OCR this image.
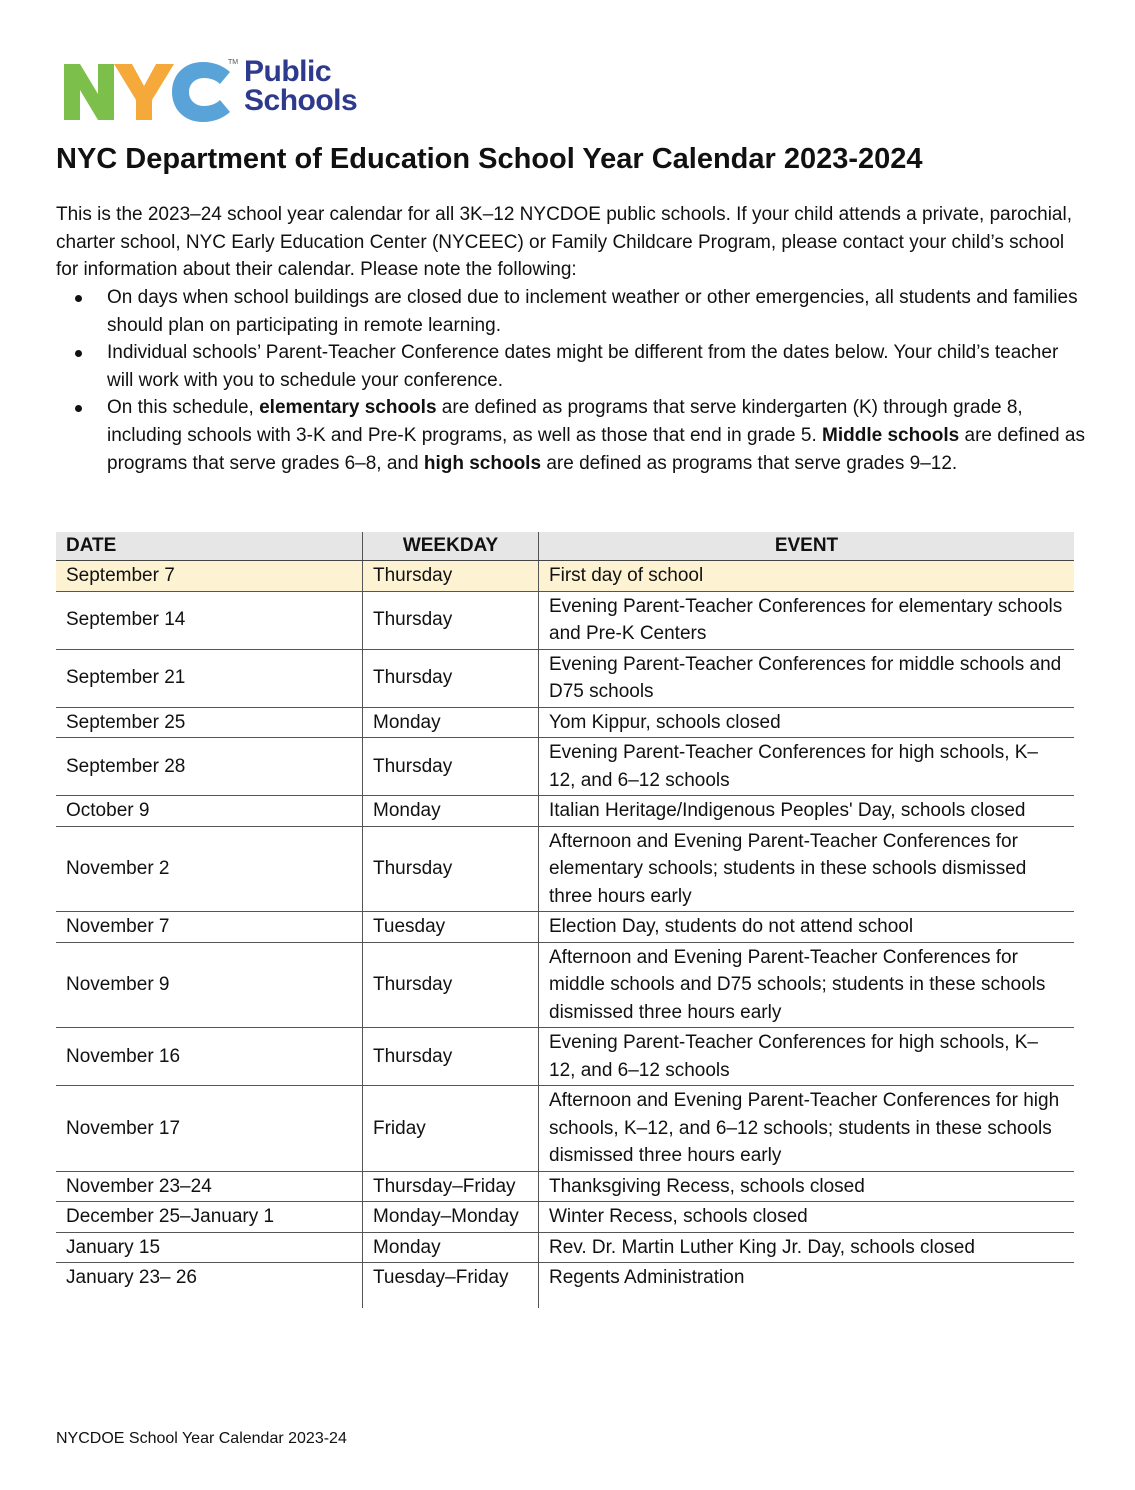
TM Public
Schools
NYC Department of Education School Year Calendar 2023-2024

This is the 2023–24 school year calendar for all 3K–12 NYCDOE public schools. If your child attends a private, parochial, charter school, NYC Early Education Center (NYCEEC) or Family Childcare Program, please contact your child’s school for information about their calendar. Please note the following:

On days when school buildings are closed due to inclement weather or other emergencies, all students and families should plan on participating in remote learning.
Individual schools’ Parent-Teacher Conference dates might be different from the dates below. Your child’s teacher will work with you to schedule your conference.
On this schedule, elementary schools are defined as programs that serve kindergarten (K) through grade 8, including schools with 3-K and Pre-K programs, as well as those that end in grade 5. Middle schools are defined as programs that serve grades 6–8, and high schools are defined as programs that serve grades 9–12.
DATE	WEEKDAY	EVENT
September 7	Thursday	First day of school
September 14	Thursday	Evening Parent-Teacher Conferences for elementary schools and Pre-K Centers
September 21	Thursday	Evening Parent-Teacher Conferences for middle schools and D75 schools
September 25	Monday	Yom Kippur, schools closed
September 28	Thursday	Evening Parent-Teacher Conferences for high schools, K–12, and 6–12 schools
October 9	Monday	Italian Heritage/Indigenous Peoples' Day, schools closed
November 2	Thursday	Afternoon and Evening Parent-Teacher Conferences for elementary schools; students in these schools dismissed three hours early
November 7	Tuesday	Election Day, students do not attend school
November 9	Thursday	Afternoon and Evening Parent-Teacher Conferences for middle schools and D75 schools; students in these schools dismissed three hours early
November 16	Thursday	Evening Parent-Teacher Conferences for high schools, K–12, and 6–12 schools
November 17	Friday	Afternoon and Evening Parent-Teacher Conferences for high schools, K–12, and 6–12 schools; students in these schools dismissed three hours early
November 23–24	Thursday–Friday	Thanksgiving Recess, schools closed
December 25–January 1	Monday–Monday	Winter Recess, schools closed
January 15	Monday	Rev. Dr. Martin Luther King Jr. Day, schools closed
January 23– 26	Tuesday–Friday	Regents Administration

NYCDOE School Year Calendar 2023-24
